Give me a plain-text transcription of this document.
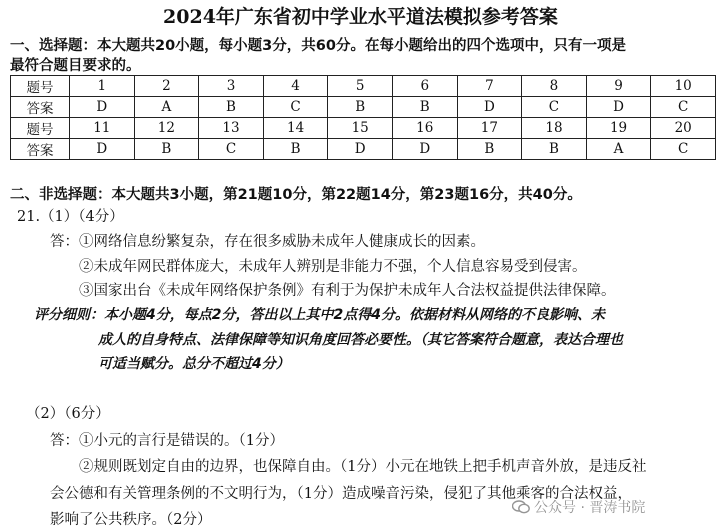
2024年广东省初中学业水平道法模拟参考答案
一、选择题：本大题共20小题，每小题3分，共60分。在每小题给出的四个选项中，只有一项是
最符合题目要求的。
题号	1	2	3	4	5	6	7	8	9	10
答案	D	A	B	C	B	B	D	C	D	C
题号	11	12	13	14	15	16	17	18	19	20
答案	D	B	C	B	D	D	B	B	A	C
二、非选择题：本大题共3小题，第21题10分，第22题14分，第23题16分，共40分。
21.（1）（4分）
答：①网络信息纷繁复杂，存在很多威胁未成年人健康成长的因素。
②未成年网民群体庞大，未成年人辨别是非能力不强，个人信息容易受到侵害。
③国家出台《未成年网络保护条例》有利于为保护未成年人合法权益提供法律保障。
评分细则：本小题4分，每点2分，答出以上其中2点得4分。依据材料从网络的不良影响、未
成人的自身特点、法律保障等知识角度回答必要性。（其它答案符合题意，表达合理也
可适当赋分。总分不超过4分）
（2）（6分）
答：①小元的言行是错误的。（1分）
②规则既划定自由的边界，也保障自由。（1分）小元在地铁上把手机声音外放，是违反社
会公德和有关管理条例的不文明行为，（1分）造成噪音污染，侵犯了其他乘客的合法权益，
影响了公共秩序。（2分）
公众号 · 晋涛书院
